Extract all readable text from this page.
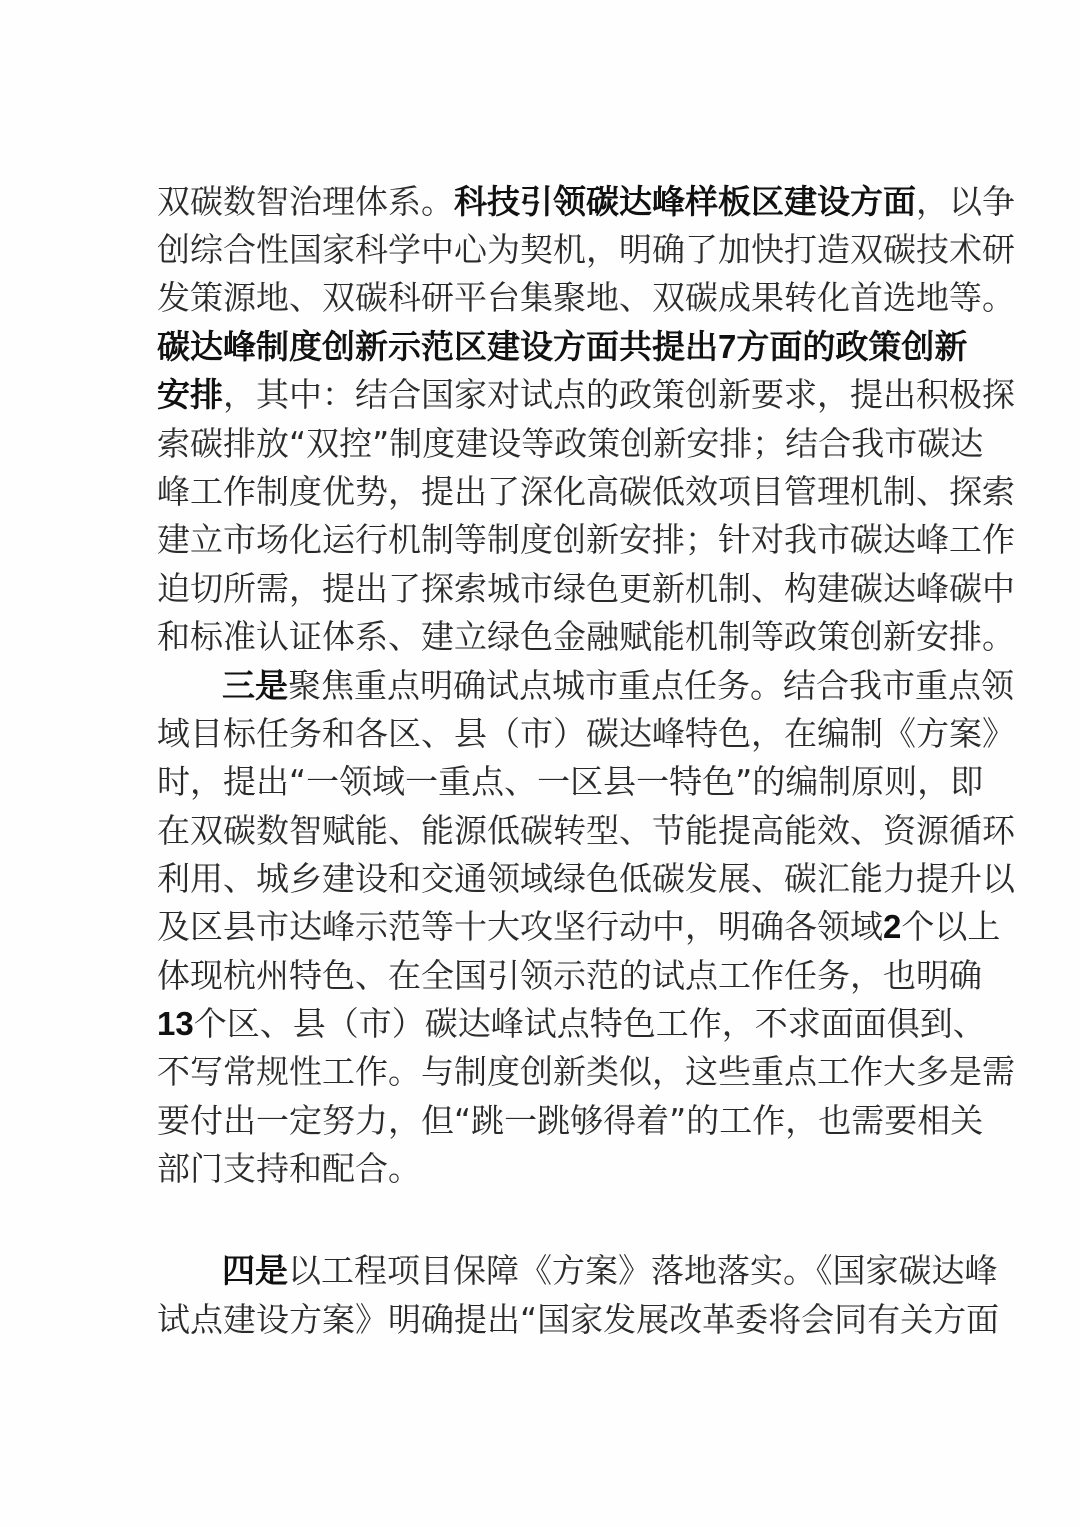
双碳数智治理体系。科技引领碳达峰样板区建设方面，以争
创综合性国家科学中心为契机，明确了加快打造双碳技术研
发策源地、双碳科研平台集聚地、双碳成果转化首选地等。
碳达峰制度创新示范区建设方面共提出7方面的政策创新
安排，其中：结合国家对试点的政策创新要求，提出积极探
索碳排放“双控”制度建设等政策创新安排；结合我市碳达
峰工作制度优势，提出了深化高碳低效项目管理机制、探索
建立市场化运行机制等制度创新安排；针对我市碳达峰工作
迫切所需，提出了探索城市绿色更新机制、构建碳达峰碳中
和标准认证体系、建立绿色金融赋能机制等政策创新安排。
三是聚焦重点明确试点城市重点任务。结合我市重点领
域目标任务和各区、县（市）碳达峰特色，在编制《方案》
时，提出“一领域一重点、一区县一特色”的编制原则，即
在双碳数智赋能、能源低碳转型、节能提高能效、资源循环
利用、城乡建设和交通领域绿色低碳发展、碳汇能力提升以
及区县市达峰示范等十大攻坚行动中，明确各领域2个以上
体现杭州特色、在全国引领示范的试点工作任务，也明确
13个区、县（市）碳达峰试点特色工作，不求面面俱到、
不写常规性工作。与制度创新类似，这些重点工作大多是需
要付出一定努力，但“跳一跳够得着”的工作，也需要相关
部门支持和配合。
四是以工程项目保障《方案》落地落实。《国家碳达峰
试点建设方案》明确提出“国家发展改革委将会同有关方面
